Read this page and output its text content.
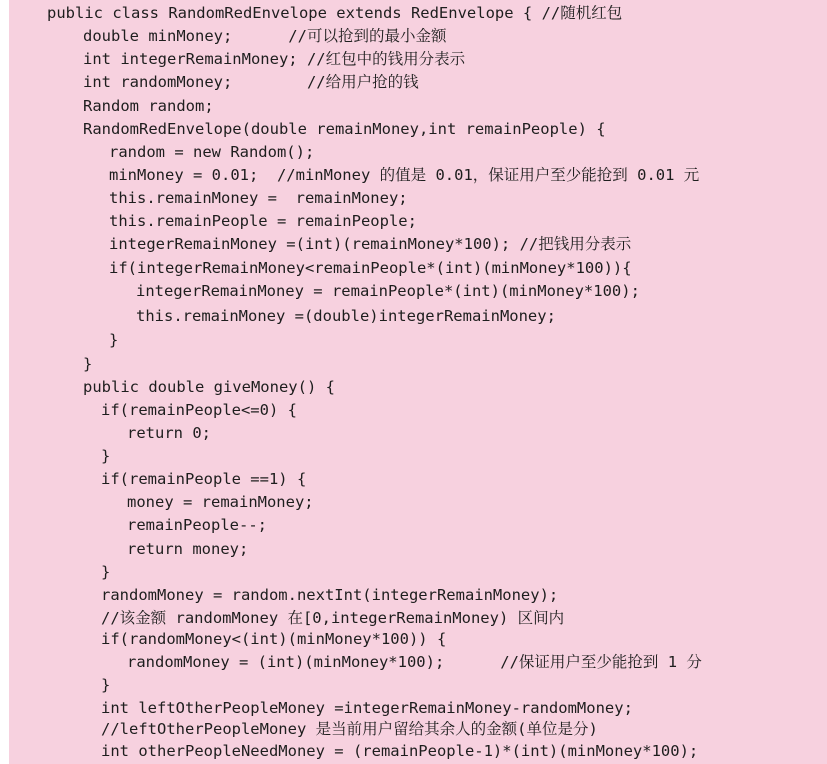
public class RandomRedEnvelope extends RedEnvelope { //随机红包

double minMoney;      //可以抢到的最小金额

int integerRemainMoney; //红包中的钱用分表示

int randomMoney;        //给用户抢的钱

Random random;

RandomRedEnvelope(double remainMoney,int remainPeople) {

random = new Random();

minMoney = 0.01;  //minMoney 的值是 0.01，保证用户至少能抢到 0.01 元

this.remainMoney =  remainMoney;

this.remainPeople = remainPeople;

integerRemainMoney =(int)(remainMoney*100); //把钱用分表示

if(integerRemainMoney<remainPeople*(int)(minMoney*100)){

integerRemainMoney = remainPeople*(int)(minMoney*100);

this.remainMoney =(double)integerRemainMoney;

}

}

public double giveMoney() {

if(remainPeople<=0) {

return 0;

}

if(remainPeople ==1) {

money = remainMoney;

remainPeople--;

return money;

}

randomMoney = random.nextInt(integerRemainMoney);

//该金额 randomMoney 在[0,integerRemainMoney) 区间内

if(randomMoney<(int)(minMoney*100)) {

randomMoney = (int)(minMoney*100);      //保证用户至少能抢到 1 分

}

int leftOtherPeopleMoney =integerRemainMoney-randomMoney;

//leftOtherPeopleMoney 是当前用户留给其余人的金额(单位是分)

int otherPeopleNeedMoney = (remainPeople-1)*(int)(minMoney*100);
